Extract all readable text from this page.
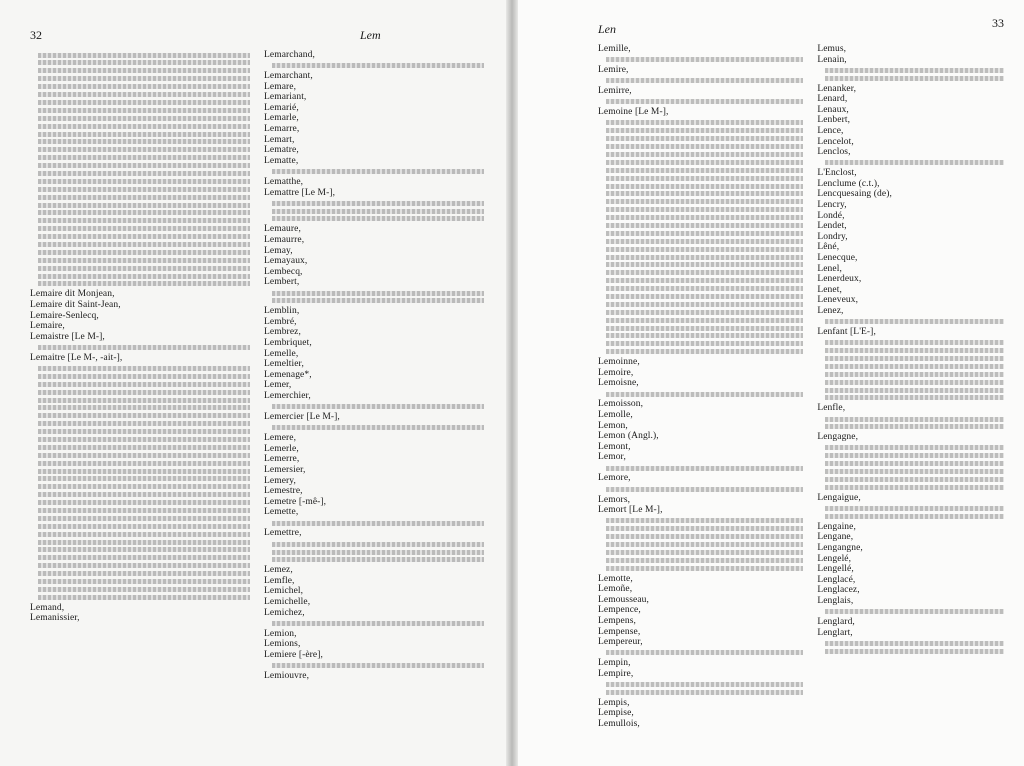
32	Lem

Lemaire dit Monjean,

Lemaire dit Saint-Jean,

Lemaire-Senlecq,

Lemaire,

Lemaistre [Le M-],

Lemaitre [Le M-, -ait-],

Lemand,

Lemanissier,

Lemarchand,

Lemarchant,

Lemare,

Lemariant,

Lemarié,

Lemarle,

Lemarre,

Lemart,

Lematre,

Lematte,

Lematthe,

Lemattre [Le M-],

Lemaure,

Lemaurre,

Lemay,

Lemayaux,

Lembecq,

Lembert,

Lemblin,

Lembré,

Lembrez,

Lembriquet,

Lemelle,

Lemeltier,

Lemenage*,

Lemer,

Lemerchier,

Lemercier [Le M-],

Lemere,

Lemerle,

Lemerre,

Lemersier,

Lemery,

Lemestre,

Lemetre [-mê-],

Lemette,

Lemettre,

Lemez,

Lemfle,

Lemichel,

Lemichelle,

Lemichez,

Lemion,

Lemions,

Lemiere [-ère],

Lemiouvre,

Len	33

Lemille,

Lemire,

Lemirre,

Lemoine [Le M-],

Lemoinne,

Lemoire,

Lemoisne,

Lemoisson,

Lemolle,

Lemon,

Lemon (Angl.),

Lemont,

Lemor,

Lemore,

Lemors,

Lemort [Le M-],

Lemotte,

Lemoñe,

Lemousseau,

Lempence,

Lempens,

Lempense,

Lempereur,

Lempin,

Lempire,

Lempis,

Lempise,

Lemullois,

Lemus,

Lenain,

Lenanker,

Lenard,

Lenaux,

Lenbert,

Lence,

Lencelot,

Lenclos,

L'Enclost,

Lenclume (c.t.),

Lencquesaing (de),

Lencry,

Londé,

Lendet,

Londry,

Lêné,

Lenecque,

Lenel,

Lenerdeux,

Lenet,

Leneveux,

Lenez,

Lenfant [L'E-],

Lenfle,

Lengagne,

Lengaigue,

Lengaine,

Lengane,

Lengangne,

Lengelé,

Lengellé,

Lenglacé,

Lenglacez,

Lenglais,

Lenglard,

Lenglart,
